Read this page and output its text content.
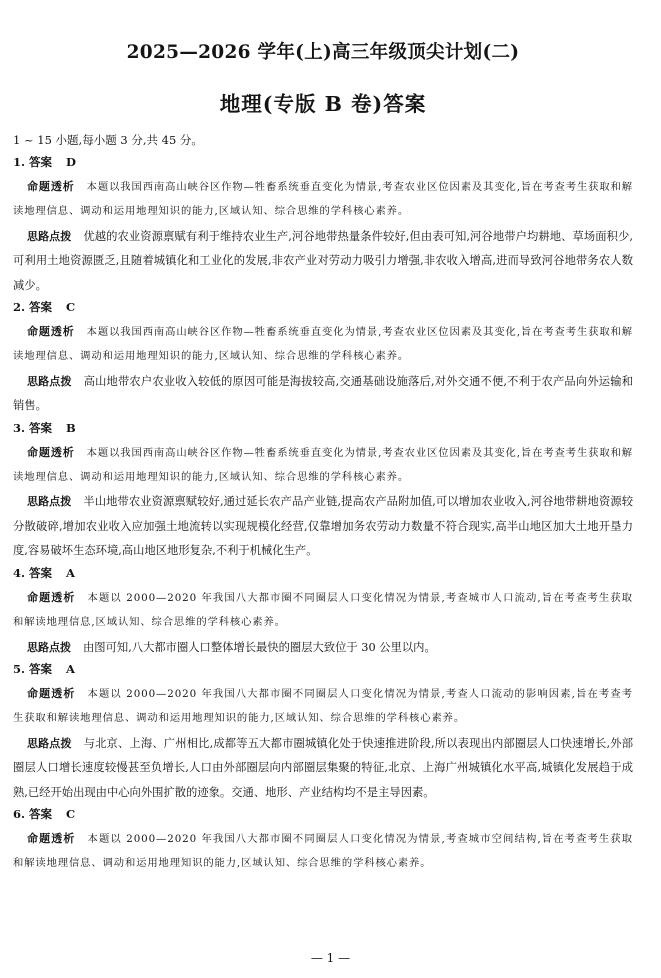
2025—2026 学年(上)高三年级顶尖计划(二)
地理(专版 B 卷)答案

1 ~ 15 小题,每小题 3 分,共 45 分。

1. 答案 D

命题透析 本题以我国西南高山峡谷区作物—牲畜系统垂直变化为情景,考查农业区位因素及其变化,旨在考查考生获取和解读地理信息、调动和运用地理知识的能力,区域认知、综合思维的学科核心素养。

思路点拨 优越的农业资源禀赋有利于维持农业生产,河谷地带热量条件较好,但由表可知,河谷地带户均耕地、草场面积少,可利用土地资源匮乏,且随着城镇化和工业化的发展,非农产业对劳动力吸引力增强,非农收入增高,进而导致河谷地带务农人数减少。

2. 答案 C

命题透析 本题以我国西南高山峡谷区作物—牲畜系统垂直变化为情景,考查农业区位因素及其变化,旨在考查考生获取和解读地理信息、调动和运用地理知识的能力,区域认知、综合思维的学科核心素养。

思路点拨 高山地带农户农业收入较低的原因可能是海拔较高,交通基础设施落后,对外交通不便,不利于农产品向外运输和销售。

3. 答案 B

命题透析 本题以我国西南高山峡谷区作物—牲畜系统垂直变化为情景,考查农业区位因素及其变化,旨在考查考生获取和解读地理信息、调动和运用地理知识的能力,区域认知、综合思维的学科核心素养。

思路点拨 半山地带农业资源禀赋较好,通过延长农产品产业链,提高农产品附加值,可以增加农业收入,河谷地带耕地资源较分散破碎,增加农业收入应加强土地流转以实现规模化经营,仅靠增加务农劳动力数量不符合现实,高半山地区加大土地开垦力度,容易破坏生态环境,高山地区地形复杂,不利于机械化生产。

4. 答案 A

命题透析 本题以 2000—2020 年我国八大都市圈不同圈层人口变化情况为情景,考查城市人口流动,旨在考查考生获取和解读地理信息,区域认知、综合思维的学科核心素养。

思路点拨 由图可知,八大都市圈人口整体增长最快的圈层大致位于 30 公里以内。

5. 答案 A

命题透析 本题以 2000—2020 年我国八大都市圈不同圈层人口变化情况为情景,考查人口流动的影响因素,旨在考查考生获取和解读地理信息、调动和运用地理知识的能力,区域认知、综合思维的学科核心素养。

思路点拨 与北京、上海、广州相比,成都等五大都市圈城镇化处于快速推进阶段,所以表现出内部圈层人口快速增长,外部圈层人口增长速度较慢甚至负增长,人口由外部圈层向内部圈层集聚的特征,北京、上海广州城镇化水平高,城镇化发展趋于成熟,已经开始出现由中心向外围扩散的迹象。交通、地形、产业结构均不是主导因素。

6. 答案 C

命题透析 本题以 2000—2020 年我国八大都市圈不同圈层人口变化情况为情景,考查城市空间结构,旨在考查考生获取和解读地理信息、调动和运用地理知识的能力,区域认知、综合思维的学科核心素养。

— 1 —
